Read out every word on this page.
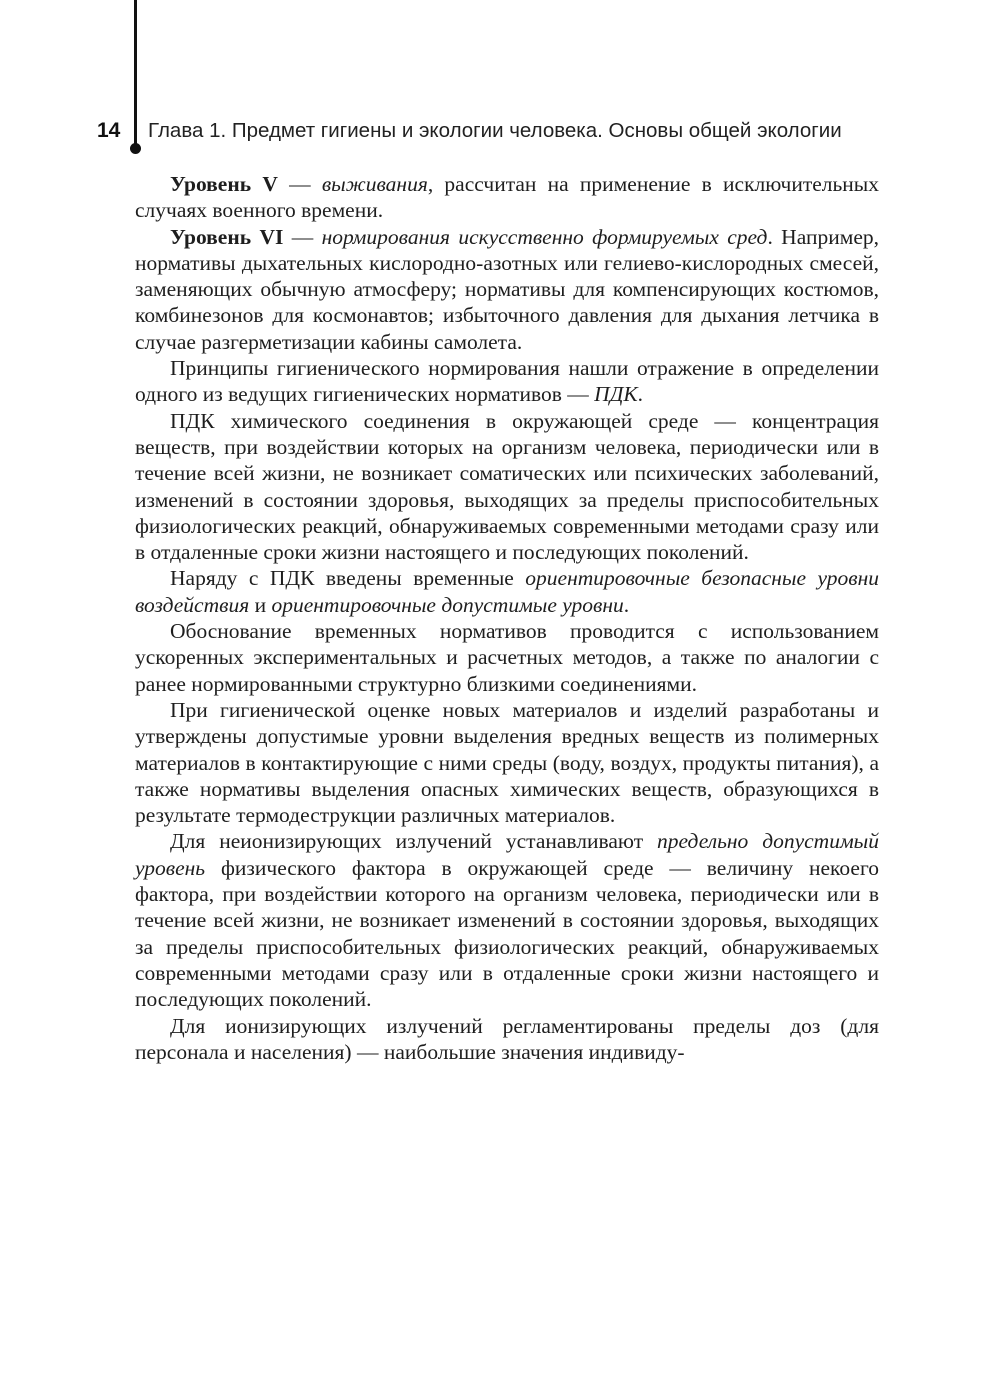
14 Глава 1. Предмет гигиены и экологии человека. Основы общей экологии

Уровень V — выживания, рассчитан на применение в исключительных случаях военного времени.

Уровень VI — нормирования искусственно формируемых сред. Например, нормативы дыхательных кислородно-азотных или гелиево-кислородных смесей, заменяющих обычную атмосферу; нормативы для компенсирующих костюмов, комбинезонов для космонавтов; избыточного давления для дыхания летчика в случае разгерметизации кабины самолета.

Принципы гигиенического нормирования нашли отражение в определении одного из ведущих гигиенических нормативов — ПДК.

ПДК химического соединения в окружающей среде — концентрация веществ, при воздействии которых на организм человека, периодически или в течение всей жизни, не возникает соматических или психических заболеваний, изменений в состоянии здоровья, выходящих за пределы приспособительных физиологических реакций, обнаруживаемых современными методами сразу или в отдаленные сроки жизни настоящего и последующих поколений.

Наряду с ПДК введены временные ориентировочные безопасные уровни воздействия и ориентировочные допустимые уровни.

Обоснование временных нормативов проводится с использованием ускоренных экспериментальных и расчетных методов, а также по аналогии с ранее нормированными структурно близкими соединениями.

При гигиенической оценке новых материалов и изделий разработаны и утверждены допустимые уровни выделения вредных веществ из полимерных материалов в контактирующие с ними среды (воду, воздух, продукты питания), а также нормативы выделения опасных химических веществ, образующихся в результате термодеструкции различных материалов.

Для неионизирующих излучений устанавливают предельно допустимый уровень физического фактора в окружающей среде — величину некоего фактора, при воздействии которого на организм человека, периодически или в течение всей жизни, не возникает изменений в состоянии здоровья, выходящих за пределы приспособительных физиологических реакций, обнаруживаемых современными методами сразу или в отдаленные сроки жизни настоящего и последующих поколений.

Для ионизирующих излучений регламентированы пределы доз (для персонала и населения) — наибольшие значения индивиду-
